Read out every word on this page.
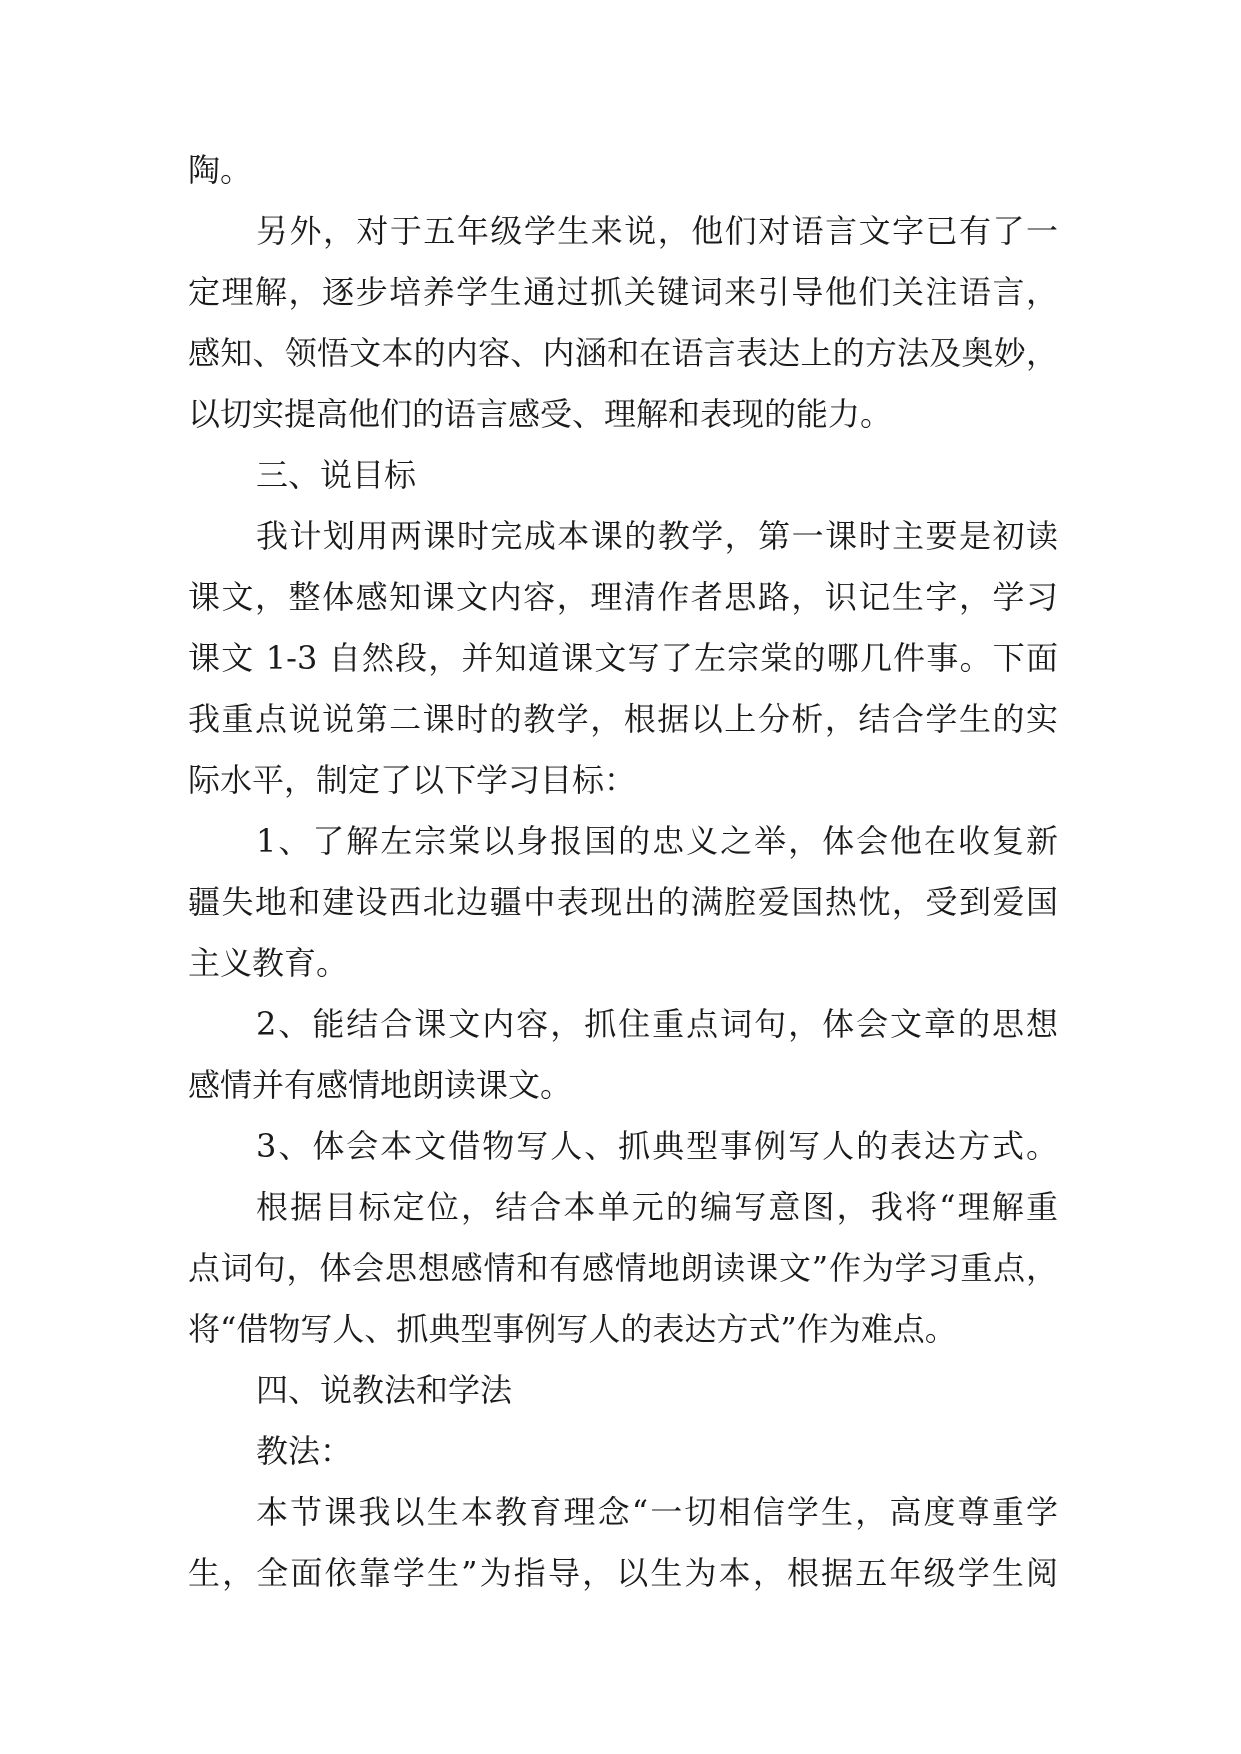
陶。
另外，对于五年级学生来说，他们对语言文字已有了一
定理解，逐步培养学生通过抓关键词来引导他们关注语言，
感知、领悟文本的内容、内涵和在语言表达上的方法及奥妙，
以切实提高他们的语言感受、理解和表现的能力。
三、说目标
我计划用两课时完成本课的教学，第一课时主要是初读
课文，整体感知课文内容，理清作者思路，识记生字，学习
课文 1-3 自然段，并知道课文写了左宗棠的哪几件事。下面
我重点说说第二课时的教学，根据以上分析，结合学生的实
际水平，制定了以下学习目标：
1、了解左宗棠以身报国的忠义之举，体会他在收复新
疆失地和建设西北边疆中表现出的满腔爱国热忱，受到爱国
主义教育。
2、能结合课文内容，抓住重点词句，体会文章的思想
感情并有感情地朗读课文。
3、体会本文借物写人、抓典型事例写人的表达方式。
根据目标定位，结合本单元的编写意图，我将“理解重
点词句，体会思想感情和有感情地朗读课文”作为学习重点，
将“借物写人、抓典型事例写人的表达方式”作为难点。
四、说教法和学法
教法：
本节课我以生本教育理念“一切相信学生，高度尊重学
生，全面依靠学生”为指导，以生为本，根据五年级学生阅
